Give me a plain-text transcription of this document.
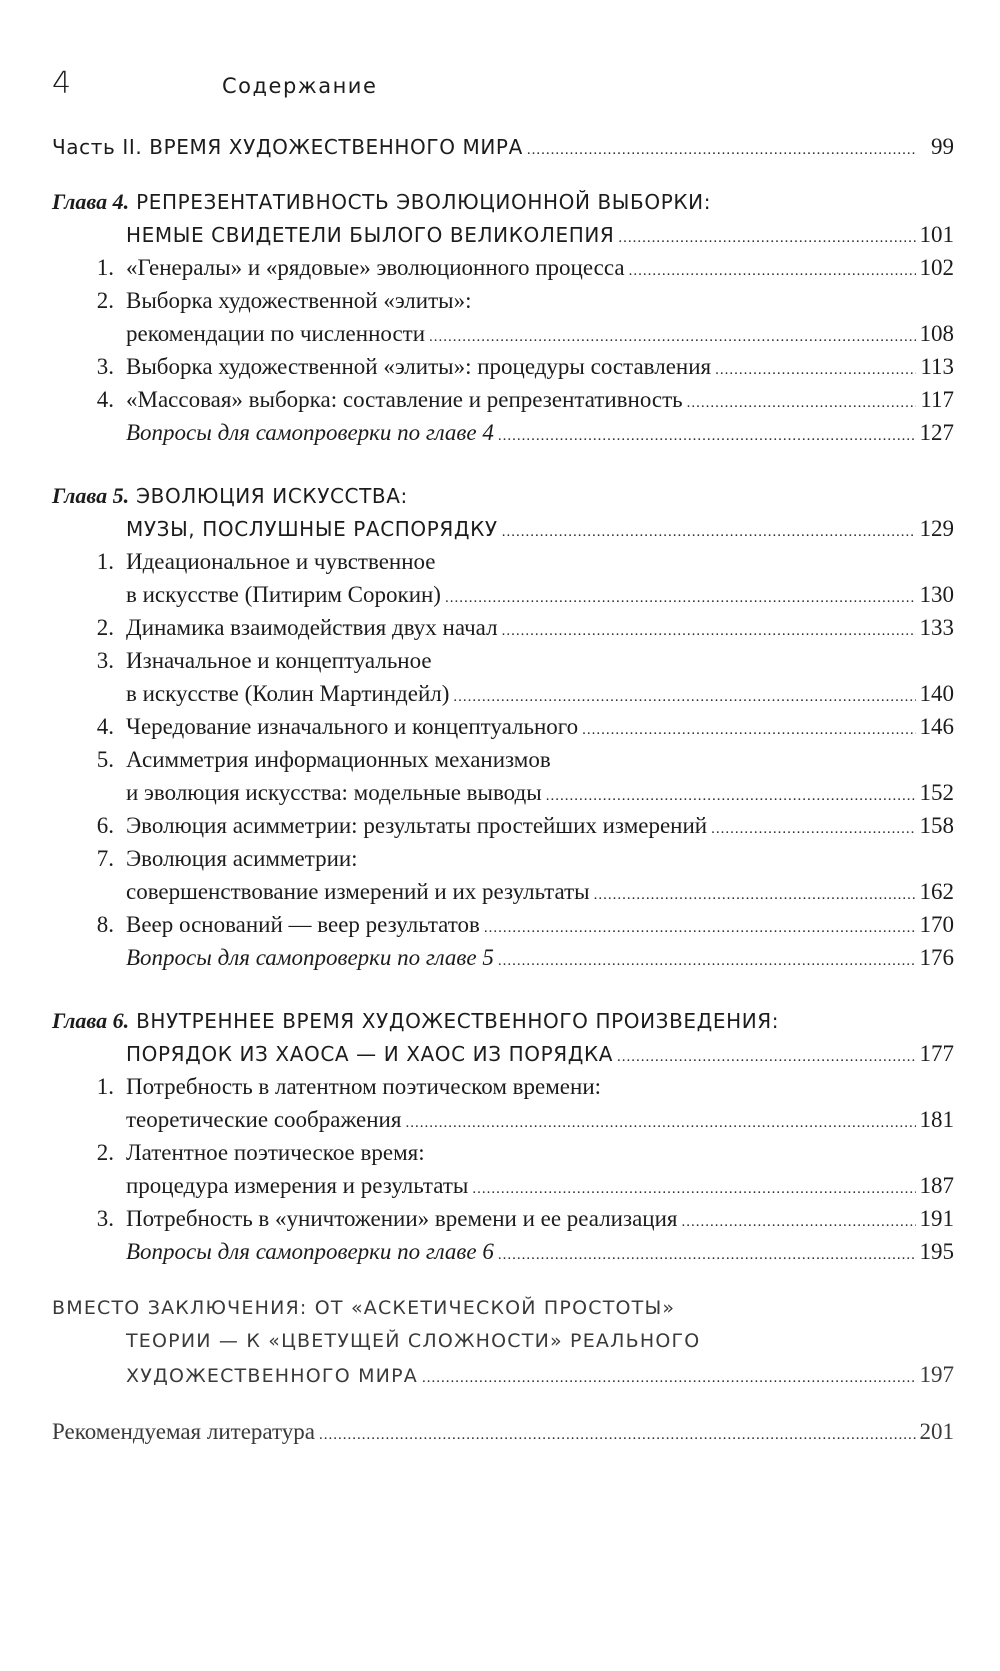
4	Содержание
Часть II. ВРЕМЯ ХУДОЖЕСТВЕННОГО МИРА .....	99
Глава 4. РЕПРЕЗЕНТАТИВНОСТЬ ЭВОЛЮЦИОННОЙ ВЫБОРКИ:
НЕМЫЕ СВИДЕТЕЛИ БЫЛОГО ВЕЛИКОЛЕПИЯ .....	101
1. «Генералы» и «рядовые» эволюционного процесса .....	102
2. Выборка художественной «элиты»:
рекомендации по численности .....	108
3. Выборка художественной «элиты»: процедуры составления .....	113
4. «Массовая» выборка: составление и репрезентативность .....	117
Вопросы для самопроверки по главе 4 .....	127
Глава 5. ЭВОЛЮЦИЯ ИСКУССТВА:
МУЗЫ, ПОСЛУШНЫЕ РАСПОРЯДКУ .....	129
1. Идеациональное и чувственное
в искусстве (Питирим Сорокин) .....	130
2. Динамика взаимодействия двух начал .....	133
3. Изначальное и концептуальное
в искусстве (Колин Мартиндейл) .....	140
4. Чередование изначального и концептуального .....	146
5. Асимметрия информационных механизмов
и эволюция искусства: модельные выводы .....	152
6. Эволюция асимметрии: результаты простейших измерений .....	158
7. Эволюция асимметрии:
совершенствование измерений и их результаты .....	162
8. Веер оснований — веер результатов .....	170
Вопросы для самопроверки по главе 5 .....	176
Глава 6. ВНУТРЕННЕЕ ВРЕМЯ ХУДОЖЕСТВЕННОГО ПРОИЗВЕДЕНИЯ:
ПОРЯДОК ИЗ ХАОСА — И ХАОС ИЗ ПОРЯДКА .....	177
1. Потребность в латентном поэтическом времени:
теоретические соображения .....	181
2. Латентное поэтическое время:
процедура измерения и результаты .....	187
3. Потребность в «уничтожении» времени и ее реализация .....	191
Вопросы для самопроверки по главе 6 .....	195
ВМЕСТО ЗАКЛЮЧЕНИЯ: ОТ «АСКЕТИЧЕСКОЙ ПРОСТОТЫ»
ТЕОРИИ — К «ЦВЕТУЩЕЙ СЛОЖНОСТИ» РЕАЛЬНОГО
ХУДОЖЕСТВЕННОГО МИРА .....	197
Рекомендуемая литература .....	201
